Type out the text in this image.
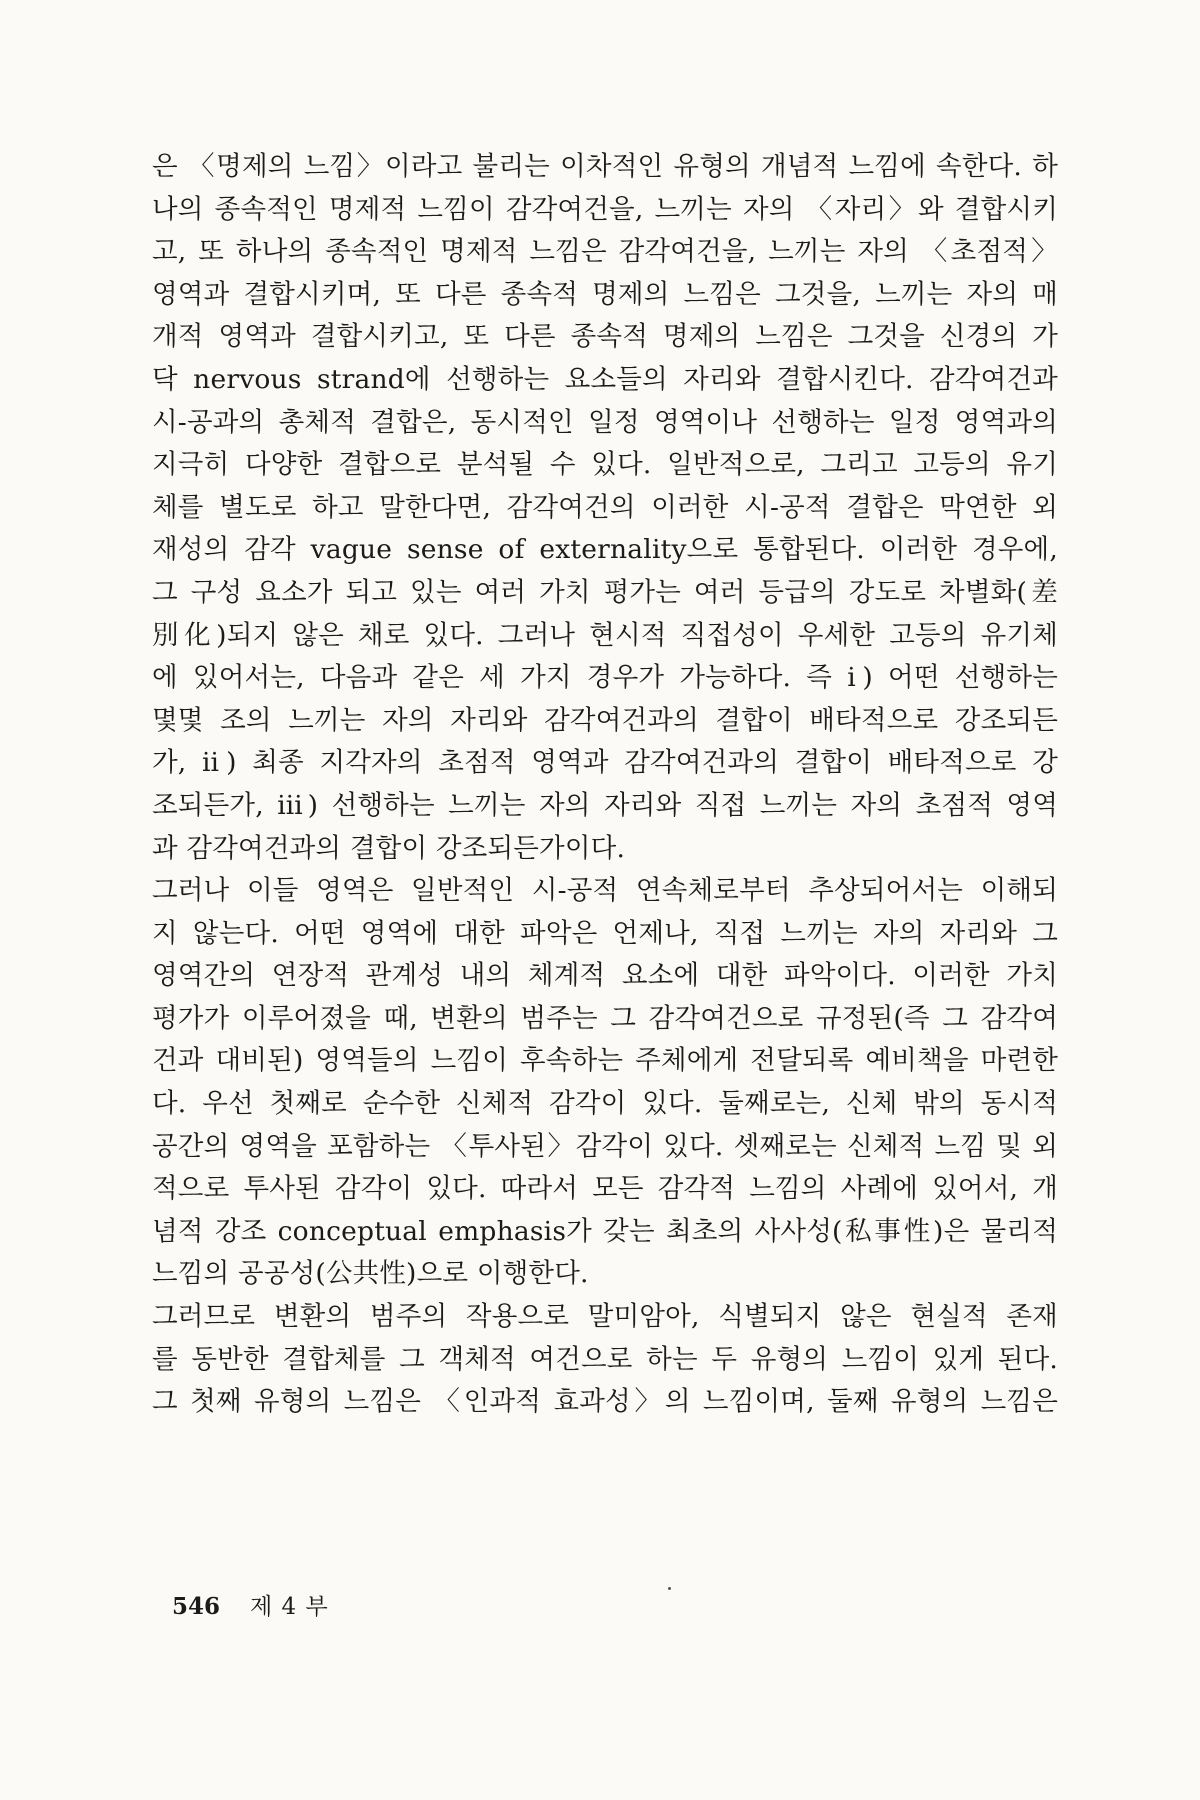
은 〈명제의 느낌〉이라고 불리는 이차적인 유형의 개념적 느낌에 속한다. 하
나의 종속적인 명제적 느낌이 감각여건을, 느끼는 자의 〈자리〉와 결합시키
고, 또 하나의 종속적인 명제적 느낌은 감각여건을, 느끼는 자의 〈초점적〉
영역과 결합시키며, 또 다른 종속적 명제의 느낌은 그것을, 느끼는 자의 매
개적 영역과 결합시키고, 또 다른 종속적 명제의 느낌은 그것을 신경의 가
닥 nervous strand에 선행하는 요소들의 자리와 결합시킨다. 감각여건과
시-공과의 총체적 결합은, 동시적인 일정 영역이나 선행하는 일정 영역과의
지극히 다양한 결합으로 분석될 수 있다. 일반적으로, 그리고 고등의 유기
체를 별도로 하고 말한다면, 감각여건의 이러한 시-공적 결합은 막연한 외
재성의 감각 vague sense of externality으로 통합된다. 이러한 경우에,
그 구성 요소가 되고 있는 여러 가치 평가는 여러 등급의 강도로 차별화(差
別化)되지 않은 채로 있다. 그러나 현시적 직접성이 우세한 고등의 유기체
에 있어서는, 다음과 같은 세 가지 경우가 가능하다. 즉 ⅰ) 어떤 선행하는
몇몇 조의 느끼는 자의 자리와 감각여건과의 결합이 배타적으로 강조되든
가, ⅱ) 최종 지각자의 초점적 영역과 감각여건과의 결합이 배타적으로 강
조되든가, ⅲ) 선행하는 느끼는 자의 자리와 직접 느끼는 자의 초점적 영역
과 감각여건과의 결합이 강조되든가이다.
그러나 이들 영역은 일반적인 시-공적 연속체로부터 추상되어서는 이해되
지 않는다. 어떤 영역에 대한 파악은 언제나, 직접 느끼는 자의 자리와 그
영역간의 연장적 관계성 내의 체계적 요소에 대한 파악이다. 이러한 가치
평가가 이루어졌을 때, 변환의 범주는 그 감각여건으로 규정된(즉 그 감각여
건과 대비된) 영역들의 느낌이 후속하는 주체에게 전달되록 예비책을 마련한
다. 우선 첫째로 순수한 신체적 감각이 있다. 둘째로는, 신체 밖의 동시적
공간의 영역을 포함하는 〈투사된〉감각이 있다. 셋째로는 신체적 느낌 및 외
적으로 투사된 감각이 있다. 따라서 모든 감각적 느낌의 사례에 있어서, 개
념적 강조 conceptual emphasis가 갖는 최초의 사사성(私事性)은 물리적
느낌의 공공성(公共性)으로 이행한다.
그러므로 변환의 범주의 작용으로 말미암아, 식별되지 않은 현실적 존재
를 동반한 결합체를 그 객체적 여건으로 하는 두 유형의 느낌이 있게 된다.
그 첫째 유형의 느낌은 〈인과적 효과성〉의 느낌이며, 둘째 유형의 느낌은
546 제 4 부
